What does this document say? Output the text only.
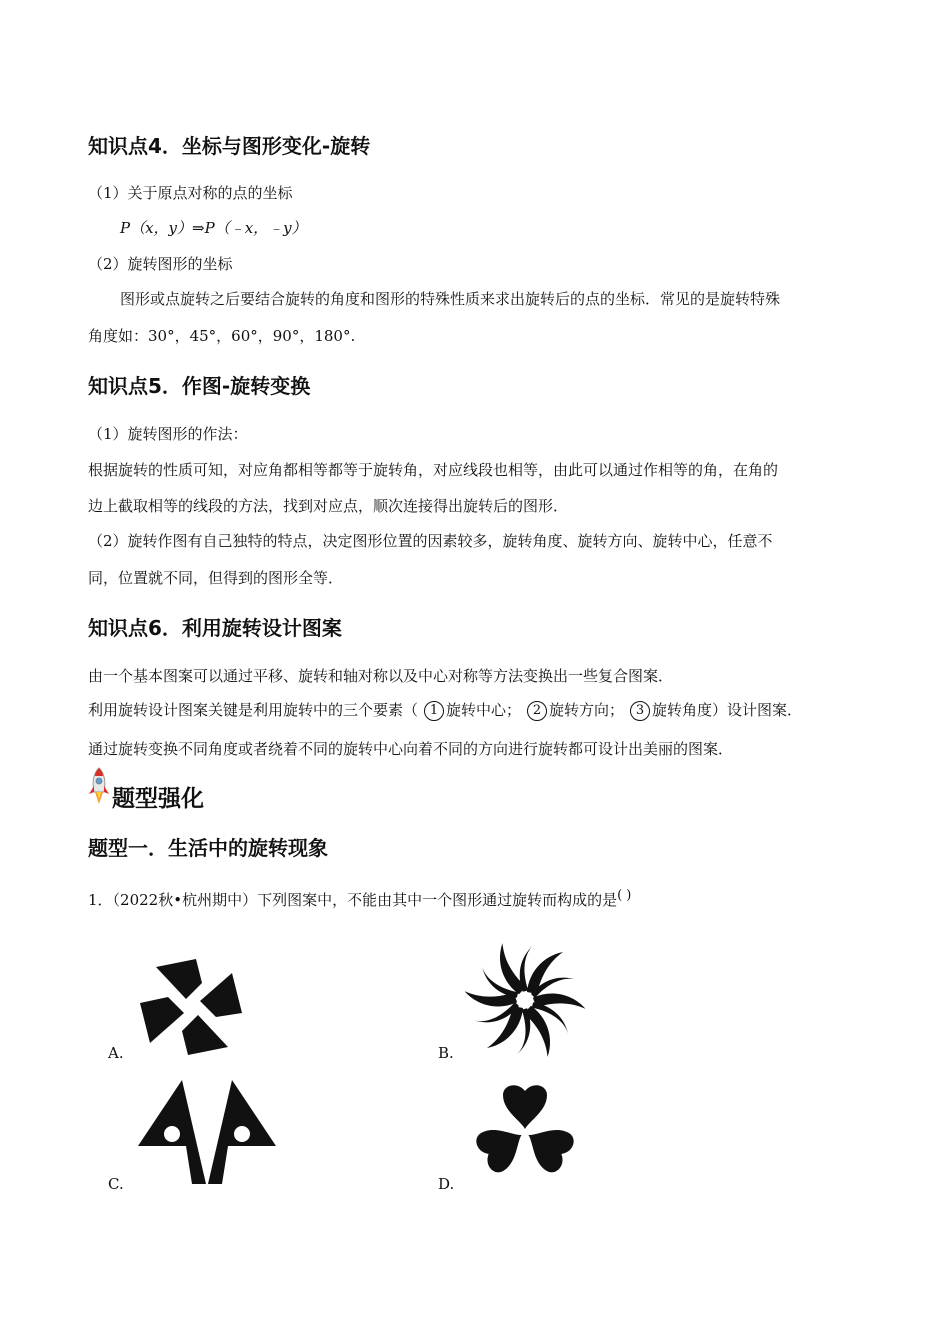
知识点4．坐标与图形变化-旋转
（1）关于原点对称的点的坐标
P（x，y）⇒P（﹣x，﹣y）
（2）旋转图形的坐标
图形或点旋转之后要结合旋转的角度和图形的特殊性质来求出旋转后的点的坐标．常见的是旋转特殊
角度如：30°，45°，60°，90°，180°.
知识点5．作图-旋转变换
（1）旋转图形的作法：
根据旋转的性质可知，对应角都相等都等于旋转角，对应线段也相等，由此可以通过作相等的角，在角的
边上截取相等的线段的方法，找到对应点，顺次连接得出旋转后的图形．
（2）旋转作图有自己独特的特点，决定图形位置的因素较多，旋转角度、旋转方向、旋转中心，任意不
同，位置就不同，但得到的图形全等．
知识点6．利用旋转设计图案
由一个基本图案可以通过平移、旋转和轴对称以及中心对称等方法变换出一些复合图案．
利用旋转设计图案关键是利用旋转中的三个要素（ 1 旋转中心； 2 旋转方向； 3 旋转角度）设计图案．
通过旋转变换不同角度或者绕着不同的旋转中心向着不同的方向进行旋转都可设计出美丽的图案．
题型强化
题型一．生活中的旋转现象
1．（2022秋•杭州期中）下列图案中，不能由其中一个图形通过旋转而构成的是( )
A.	B.
C.	D.
